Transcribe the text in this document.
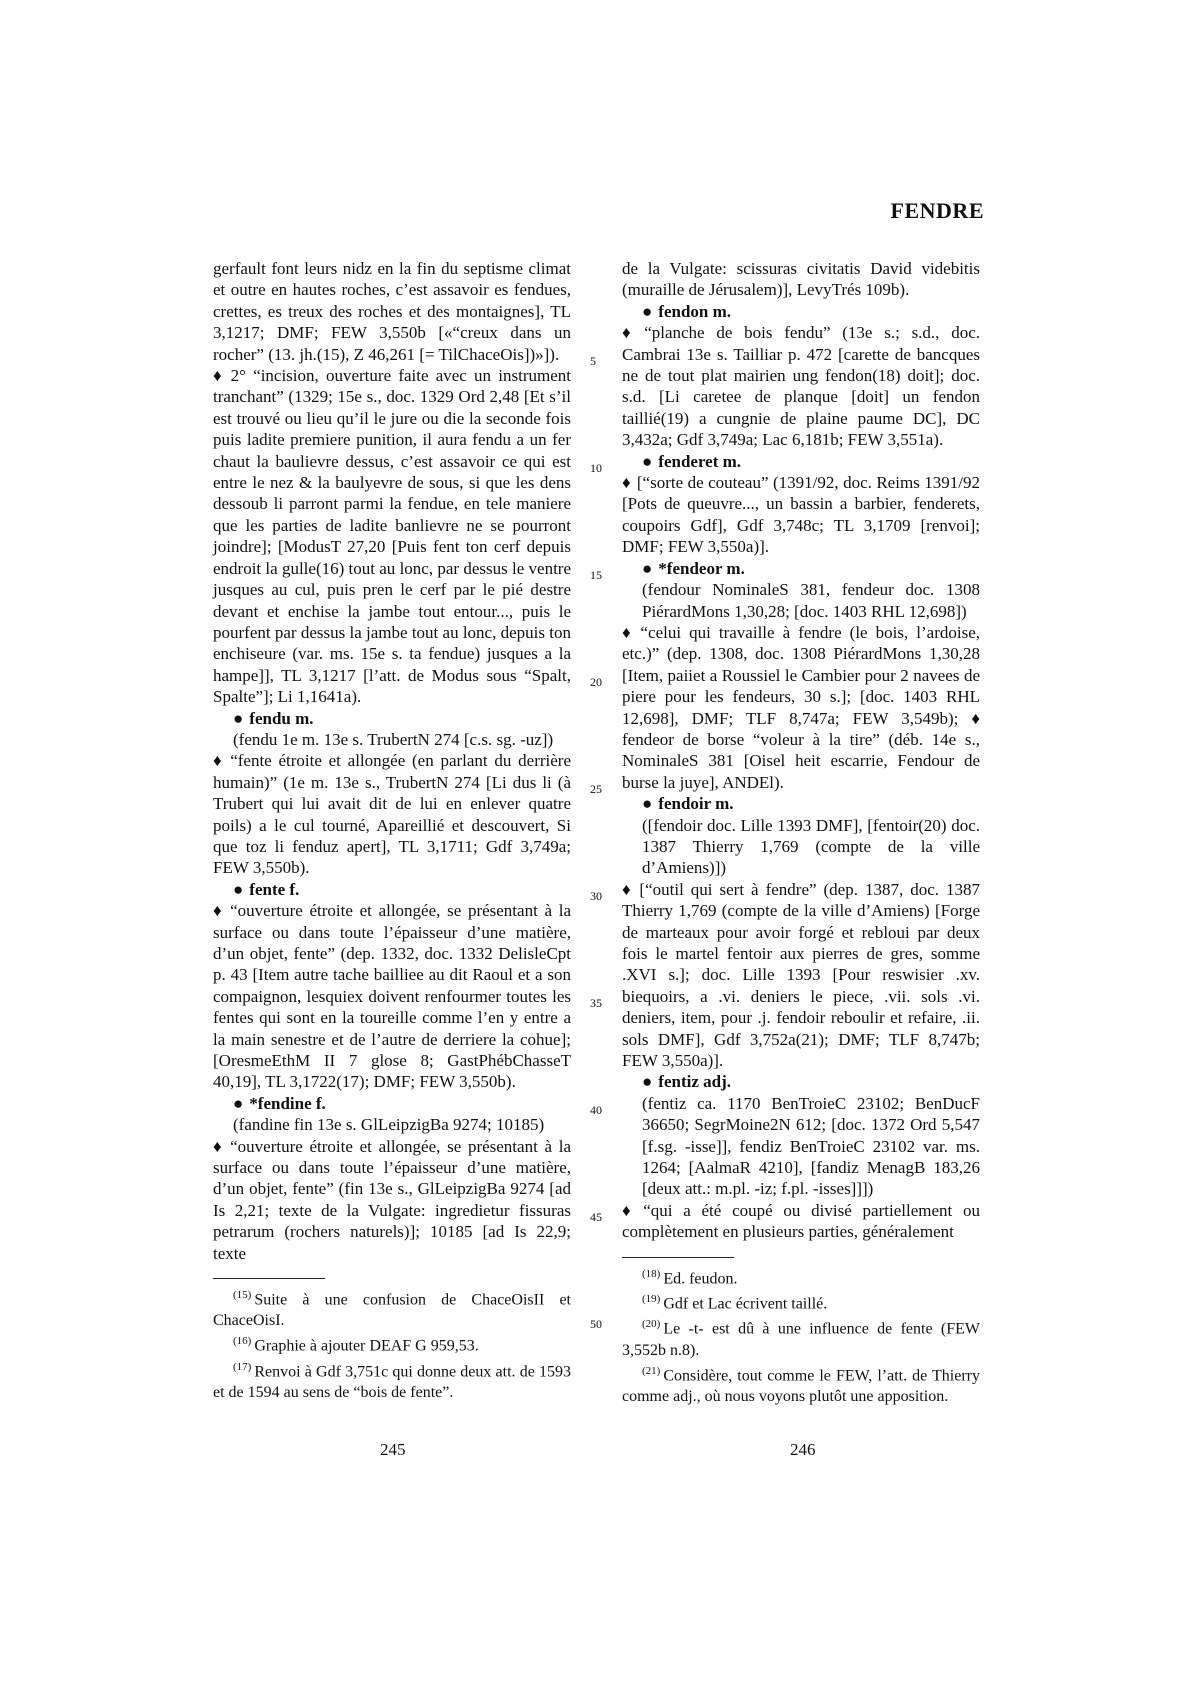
FENDRE

gerfault font leurs nidz en la fin du septisme climat et outre en hautes roches, c’est assavoir es fendues, crettes, es treux des roches et des montaignes], TL 3,1217; DMF; FEW 3,550b [«“creux dans un rocher” (13. jh.(15), Z 46,261 [= TilChaceOis])»]).

♦ 2° “incision, ouverture faite avec un instrument tranchant” (1329; 15e s., doc. 1329 Ord 2,48 [Et s’il est trouvé ou lieu qu’il le jure ou die la seconde fois puis ladite premiere punition, il aura fendu a un fer chaut la baulievre dessus, c’est assavoir ce qui est entre le nez & la baulyevre de sous, si que les dens dessoub li parront parmi la fendue, en tele maniere que les parties de ladite banlievre ne se pourront joindre]; [ModusT 27,20 [Puis fent ton cerf depuis endroit la gulle(16) tout au lonc, par dessus le ventre jusques au cul, puis pren le cerf par le pié destre devant et enchise la jambe tout entour..., puis le pourfent par dessus la jambe tout au lonc, depuis ton enchiseure (var. ms. 15e s. ta fendue) jusques a la hampe]], TL 3,1217 [l’att. de Modus sous “Spalt, Spalte”]; Li 1,1641a).

● fendu m.
(fendu 1e m. 13e s. TrubertN 274 [c.s. sg. -uz])

♦ “fente étroite et allongée (en parlant du derrière humain)” (1e m. 13e s., TrubertN 274 [Li dus li (à Trubert qui lui avait dit de lui en enlever quatre poils) a le cul tourné, Apareillié et descouvert, Si que toz li fenduz apert], TL 3,1711; Gdf 3,749a; FEW 3,550b).

● fente f.

♦ “ouverture étroite et allongée, se présentant à la surface ou dans toute l’épaisseur d’une matière, d’un objet, fente” (dep. 1332, doc. 1332 DelisleCpt p. 43 [Item autre tache bailliee au dit Raoul et a son compaignon, lesquiex doivent renfourmer toutes les fentes qui sont en la toureille comme l’en y entre a la main senestre et de l’autre de derriere la cohue]; [OresmeEthM II 7 glose 8; GastPhébChasseT 40,19], TL 3,1722(17); DMF; FEW 3,550b).

● *fendine f.
(fandine fin 13e s. GlLeipzigBa 9274; 10185)

♦ “ouverture étroite et allongée, se présentant à la surface ou dans toute l’épaisseur d’une matière, d’un objet, fente” (fin 13e s., GlLeipzigBa 9274 [ad Is 2,21; texte de la Vulgate: ingredietur fissuras petrarum (rochers naturels)]; 10185 [ad Is 22,9; texte

$^{(15)}$ Suite à une confusion de ChaceOisII et ChaceOisI.

$^{(16)}$ Graphie à ajouter DEAF G 959,53.

$^{(17)}$ Renvoi à Gdf 3,751c qui donne deux att. de 1593 et de 1594 au sens de “bois de fente”.

5
10
15
20
25
30
35
40
45
50

de la Vulgate: scissuras civitatis David videbitis (muraille de Jérusalem)], LevyTrés 109b).

● fendon m.

♦ “planche de bois fendu” (13e s.; s.d., doc. Cambrai 13e s. Tailliar p. 472 [carette de bancques ne de tout plat mairien ung fendon(18) doit]; doc. s.d. [Li caretee de planque [doit] un fendon taillié(19) a cungnie de plaine paume DC], DC 3,432a; Gdf 3,749a; Lac 6,181b; FEW 3,551a).

● fenderet m.

♦ [“sorte de couteau” (1391/92, doc. Reims 1391/92 [Pots de queuvre..., un bassin a barbier, fenderets, coupoirs Gdf], Gdf 3,748c; TL 3,1709 [renvoi]; DMF; FEW 3,550a)].

● *fendeor m.
(fendour NominaleS 381, fendeur doc. 1308 PiérardMons 1,30,28; [doc. 1403 RHL 12,698])

♦ “celui qui travaille à fendre (le bois, l’ardoise, etc.)” (dep. 1308, doc. 1308 PiérardMons 1,30,28 [Item, paiiet a Roussiel le Cambier pour 2 navees de piere pour les fendeurs, 30 s.]; [doc. 1403 RHL 12,698], DMF; TLF 8,747a; FEW 3,549b); ♦ fendeor de borse “voleur à la tire” (déb. 14e s., NominaleS 381 [Oisel heit escarrie, Fendour de burse la juye], ANDEl).

● fendoir m.
([fendoir doc. Lille 1393 DMF], [fentoir(20) doc. 1387 Thierry 1,769 (compte de la ville d’Amiens)])

♦ [“outil qui sert à fendre” (dep. 1387, doc. 1387 Thierry 1,769 (compte de la ville d’Amiens) [Forge de marteaux pour avoir forgé et rebloui par deux fois le martel fentoir aux pierres de gres, somme .XVI s.]; doc. Lille 1393 [Pour reswisier .xv. biequoirs, a .vi. deniers le piece, .vii. sols .vi. deniers, item, pour .j. fendoir reboulir et refaire, .ii. sols DMF], Gdf 3,752a(21); DMF; TLF 8,747b; FEW 3,550a)].

● fentiz adj.
(fentiz ca. 1170 BenTroieC 23102; BenDucF 36650; SegrMoine2N 612; [doc. 1372 Ord 5,547 [f.sg. -isse]], fendiz BenTroieC 23102 var. ms. 1264; [AalmaR 4210], [fandiz MenagB 183,26 [deux att.: m.pl. -iz; f.pl. -isses]]])

♦ “qui a été coupé ou divisé partiellement ou complètement en plusieurs parties, généralement

$^{(18)}$ Ed. feudon.

$^{(19)}$ Gdf et Lac écrivent taillé.

$^{(20)}$ Le -t- est dû à une influence de fente (FEW 3,552b n.8).

$^{(21)}$ Considère, tout comme le FEW, l’att. de Thierry comme adj., où nous voyons plutôt une apposition.

245	246
